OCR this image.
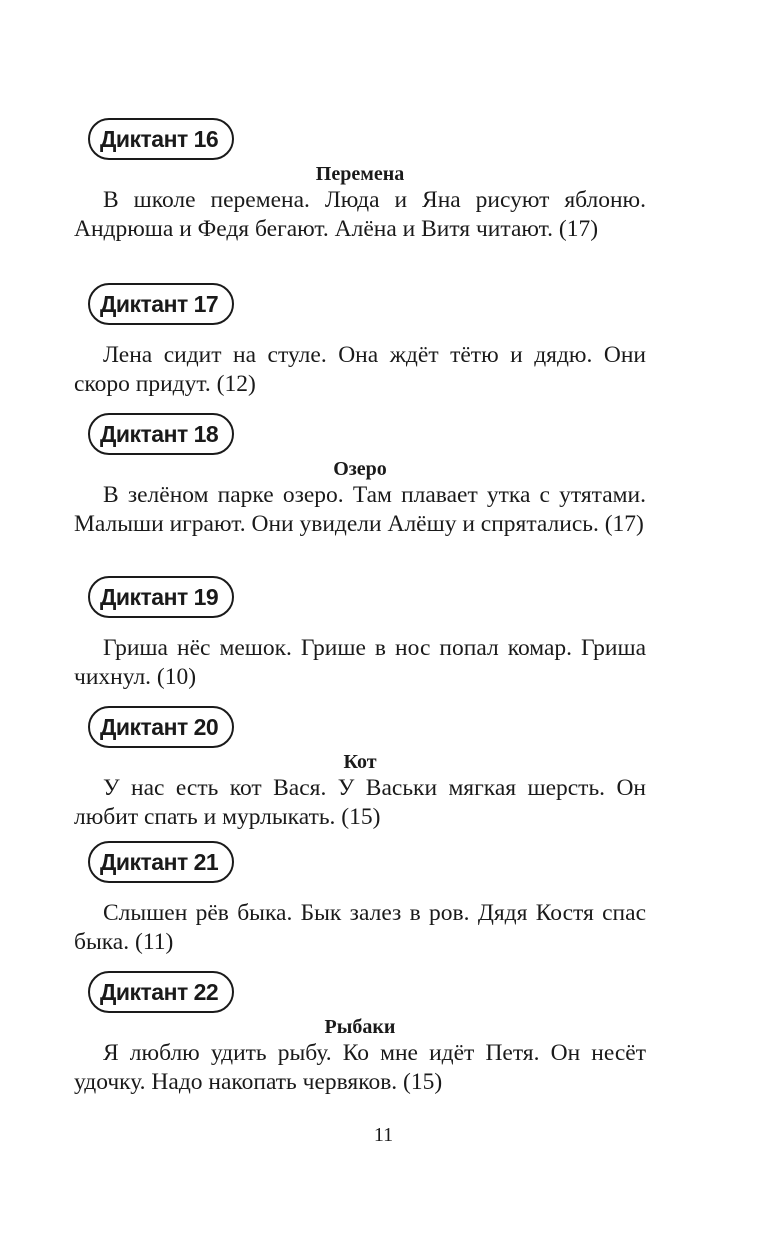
Диктант 16
Перемена

В школе перемена. Люда и Яна рисуют яблоню. Андрюша и Федя бегают. Алёна и Витя читают. (17)

Диктант 17

Лена сидит на стуле. Она ждёт тётю и дядю. Они скоро придут. (12)

Диктант 18
Озеро

В зелёном парке озеро. Там плавает утка с утятами. Малыши играют. Они увидели Алёшу и спрятались. (17)

Диктант 19

Гриша нёс мешок. Грише в нос попал комар. Гриша чихнул. (10)

Диктант 20
Кот

У нас есть кот Вася. У Васьки мягкая шерсть. Он любит спать и мурлыкать. (15)

Диктант 21

Слышен рёв быка. Бык залез в ров. Дядя Костя спас быка. (11)

Диктант 22
Рыбаки

Я люблю удить рыбу. Ко мне идёт Петя. Он несёт удочку. Надо накопать червяков. (15)

11
